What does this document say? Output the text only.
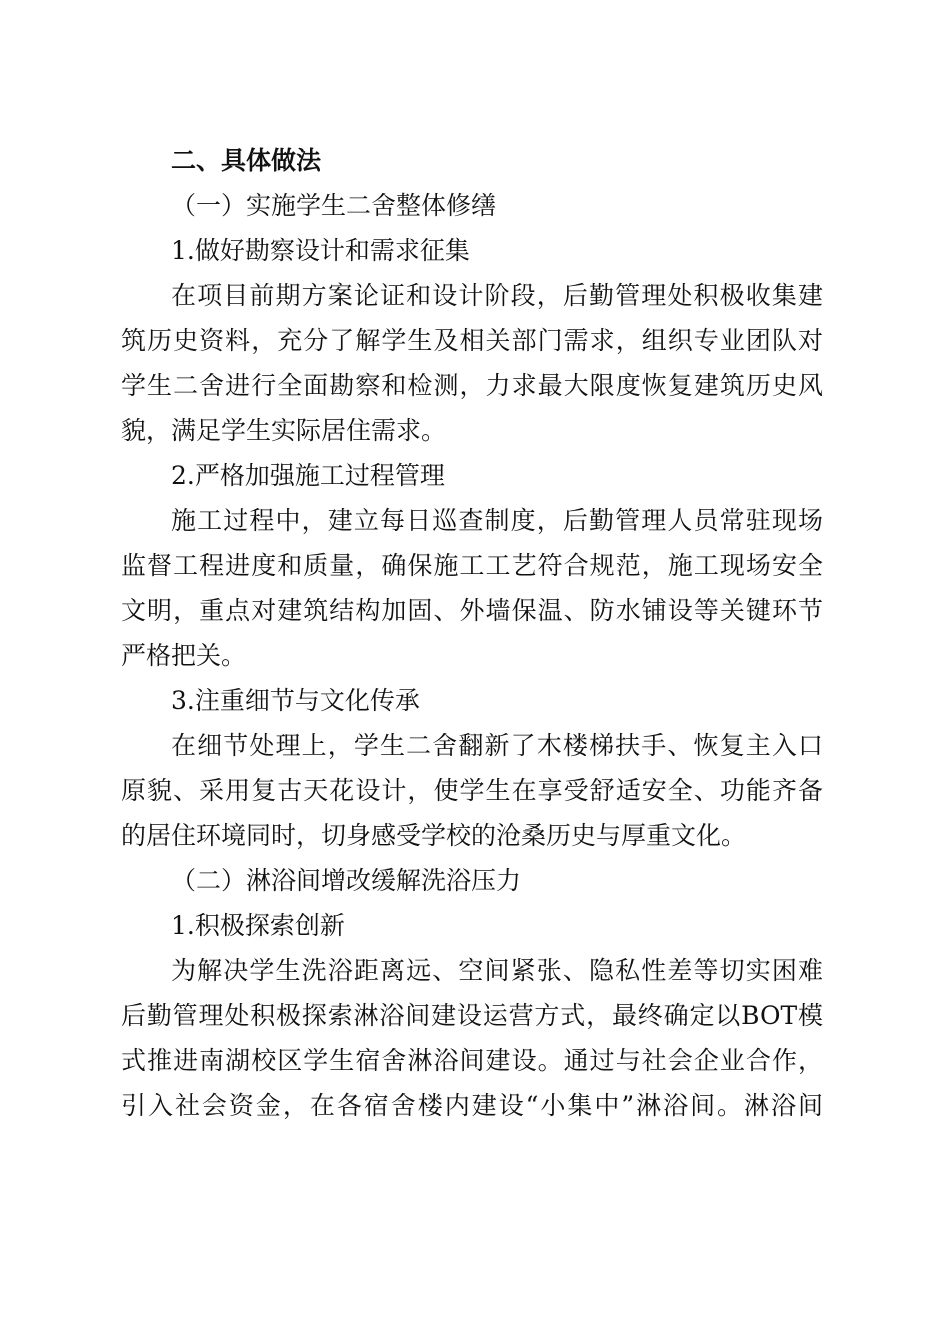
二、具体做法
（一）实施学生二舍整体修缮
1.做好勘察设计和需求征集
在项目前期方案论证和设计阶段，后勤管理处积极收集建
筑历史资料，充分了解学生及相关部门需求，组织专业团队对
学生二舍进行全面勘察和检测，力求最大限度恢复建筑历史风
貌，满足学生实际居住需求。
2.严格加强施工过程管理
施工过程中，建立每日巡查制度，后勤管理人员常驻现场
监督工程进度和质量，确保施工工艺符合规范，施工现场安全
文明，重点对建筑结构加固、外墙保温、防水铺设等关键环节
严格把关。
3.注重细节与文化传承
在细节处理上，学生二舍翻新了木楼梯扶手、恢复主入口
原貌、采用复古天花设计，使学生在享受舒适安全、功能齐备
的居住环境同时，切身感受学校的沧桑历史与厚重文化。
（二）淋浴间增改缓解洗浴压力
1.积极探索创新
为解决学生洗浴距离远、空间紧张、隐私性差等切实困难
后勤管理处积极探索淋浴间建设运营方式，最终确定以BOT模
式推进南湖校区学生宿舍淋浴间建设。通过与社会企业合作，
引入社会资金，在各宿舍楼内建设“小集中”淋浴间。淋浴间
